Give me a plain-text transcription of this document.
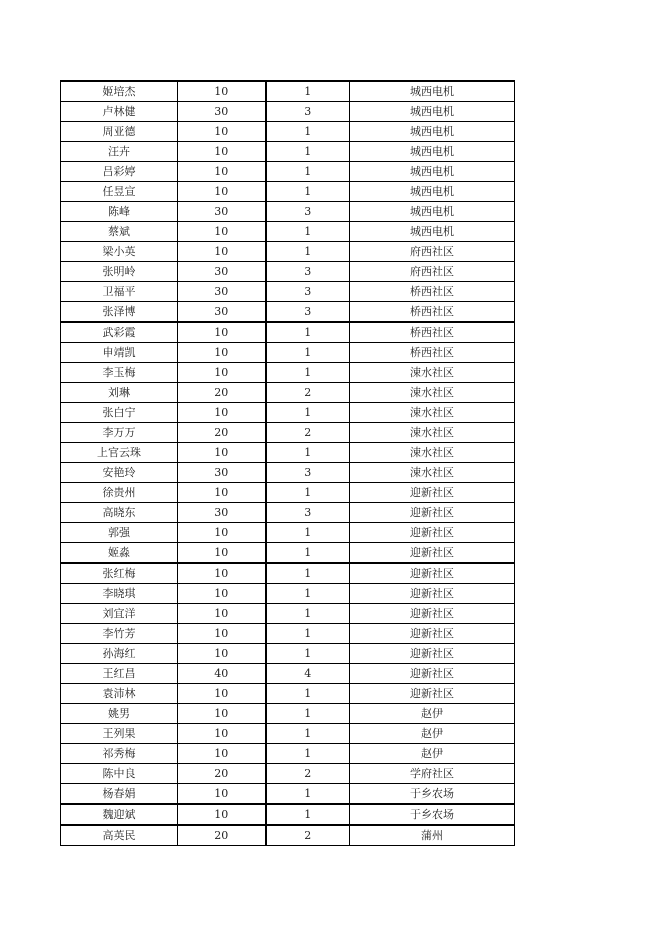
姬培杰	10	1	城西电机
卢林健	30	3	城西电机
周亚德	10	1	城西电机
汪卉	10	1	城西电机
吕彩婷	10	1	城西电机
任昱宣	10	1	城西电机
陈峰	30	3	城西电机
蔡斌	10	1	城西电机
梁小英	10	1	府西社区
张明岭	30	3	府西社区
卫福平	30	3	桥西社区
张泽博	30	3	桥西社区
武彩霞	10	1	桥西社区
申靖凯	10	1	桥西社区
李玉梅	10	1	涑水社区
刘琳	20	2	涑水社区
张白宁	10	1	涑水社区
李万万	20	2	涑水社区
上官云珠	10	1	涑水社区
安艳玲	30	3	涑水社区
徐贵州	10	1	迎新社区
高晓东	30	3	迎新社区
郭强	10	1	迎新社区
姬淼	10	1	迎新社区
张红梅	10	1	迎新社区
李晓琪	10	1	迎新社区
刘宜洋	10	1	迎新社区
李竹芳	10	1	迎新社区
孙海红	10	1	迎新社区
王红昌	40	4	迎新社区
袁沛林	10	1	迎新社区
姚男	10	1	赵伊
王列果	10	1	赵伊
祁秀梅	10	1	赵伊
陈中良	20	2	学府社区
杨春娟	10	1	于乡农场
魏迎斌	10	1	于乡农场
高英民	20	2	蒲州
